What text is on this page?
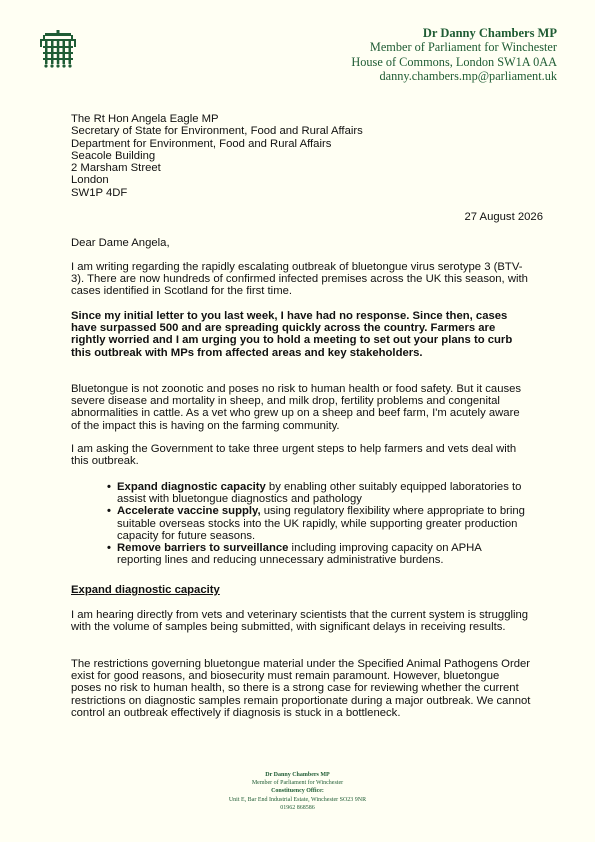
Dr Danny Chambers MP
Member of Parliament for Winchester
House of Commons, London SW1A 0AA
danny.chambers.mp@parliament.uk
The Rt Hon Angela Eagle MP
Secretary of State for Environment, Food and Rural Affairs
Department for Environment, Food and Rural Affairs
Seacole Building
2 Marsham Street
London
SW1P 4DF
27 August 2026
Dear Dame Angela,
I am writing regarding the rapidly escalating outbreak of bluetongue virus serotype 3 (BTV-3). There are now hundreds of confirmed infected premises across the UK this season, with cases identified in Scotland for the first time.
Since my initial letter to you last week, I have had no response. Since then, cases have surpassed 500 and are spreading quickly across the country. Farmers are rightly worried and I am urging you to hold a meeting to set out your plans to curb this outbreak with MPs from affected areas and key stakeholders.
Bluetongue is not zoonotic and poses no risk to human health or food safety. But it causes severe disease and mortality in sheep, and milk drop, fertility problems and congenital abnormalities in cattle. As a vet who grew up on a sheep and beef farm, I'm acutely aware of the impact this is having on the farming community.
I am asking the Government to take three urgent steps to help farmers and vets deal with this outbreak.
• Expand diagnostic capacity by enabling other suitably equipped laboratories to assist with bluetongue diagnostics and pathology
• Accelerate vaccine supply, using regulatory flexibility where appropriate to bring suitable overseas stocks into the UK rapidly, while supporting greater production capacity for future seasons.
• Remove barriers to surveillance including improving capacity on APHA reporting lines and reducing unnecessary administrative burdens.
Expand diagnostic capacity
I am hearing directly from vets and veterinary scientists that the current system is struggling with the volume of samples being submitted, with significant delays in receiving results.
The restrictions governing bluetongue material under the Specified Animal Pathogens Order exist for good reasons, and biosecurity must remain paramount. However, bluetongue poses no risk to human health, so there is a strong case for reviewing whether the current restrictions on diagnostic samples remain proportionate during a major outbreak. We cannot control an outbreak effectively if diagnosis is stuck in a bottleneck.
Dr Danny Chambers MP
Member of Parliament for Winchester
Constituency Office:
Unit E, Bar End Industrial Estate, Winchester SO23 9NR
01962 868586
